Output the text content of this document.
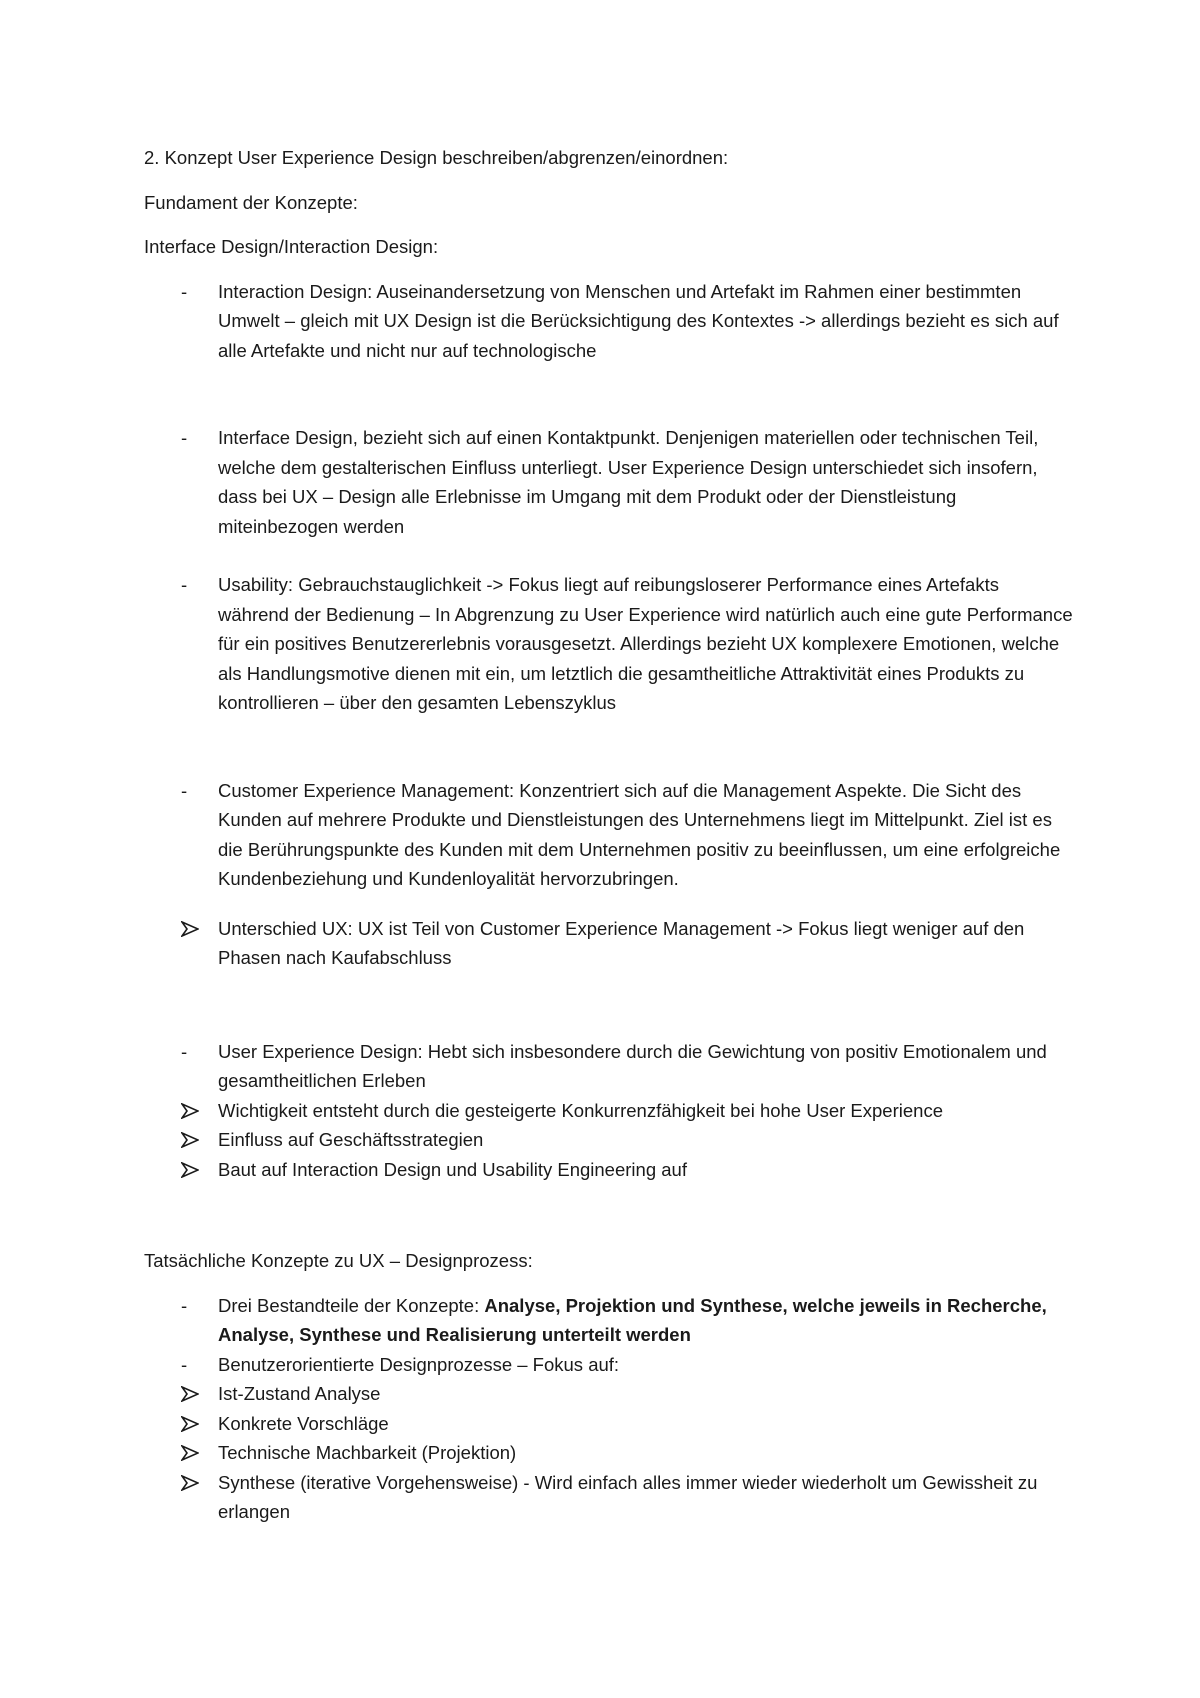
2. Konzept User Experience Design beschreiben/abgrenzen/einordnen:

Fundament der Konzepte:

Interface Design/Interaction Design:

-	Interaction Design: Auseinandersetzung von Menschen und Artefakt im Rahmen einer bestimmten Umwelt – gleich mit UX Design ist die Berücksichtigung des Kontextes -> allerdings bezieht es sich auf alle Artefakte und nicht nur auf technologische
-	Interface Design, bezieht sich auf einen Kontaktpunkt. Denjenigen materiellen oder technischen Teil, welche dem gestalterischen Einfluss unterliegt. User Experience Design unterschiedet sich insofern, dass bei UX – Design alle Erlebnisse im Umgang mit dem Produkt oder der Dienstleistung miteinbezogen werden
-	Usability: Gebrauchstauglichkeit -> Fokus liegt auf reibungsloserer Performance eines Artefakts während der Bedienung – In Abgrenzung zu User Experience wird natürlich auch eine gute Performance für ein positives Benutzererlebnis vorausgesetzt. Allerdings bezieht UX komplexere Emotionen, welche als Handlungsmotive dienen mit ein, um letztlich die gesamtheitliche Attraktivität eines Produkts zu kontrollieren – über den gesamten Lebenszyklus
-	Customer Experience Management: Konzentriert sich auf die Management Aspekte. Die Sicht des Kunden auf mehrere Produkte und Dienstleistungen des Unternehmens liegt im Mittelpunkt. Ziel ist es die Berührungspunkte des Kunden mit dem Unternehmen positiv zu beeinflussen, um eine erfolgreiche Kundenbeziehung und Kundenloyalität hervorzubringen.
Unterschied UX: UX ist Teil von Customer Experience Management -> Fokus liegt weniger auf den Phasen nach Kaufabschluss
-	User Experience Design: Hebt sich insbesondere durch die Gewichtung von positiv Emotionalem und gesamtheitlichen Erleben
Wichtigkeit entsteht durch die gesteigerte Konkurrenzfähigkeit bei hohe User Experience
Einfluss auf Geschäftsstrategien
Baut auf Interaction Design und Usability Engineering auf

Tatsächliche Konzepte zu UX – Designprozess:

-	Drei Bestandteile der Konzepte: Analyse, Projektion und Synthese, welche jeweils in Recherche, Analyse, Synthese und Realisierung unterteilt werden
-	Benutzerorientierte Designprozesse – Fokus auf:
Ist-Zustand Analyse
Konkrete Vorschläge
Technische Machbarkeit (Projektion)
Synthese (iterative Vorgehensweise) - Wird einfach alles immer wieder wiederholt um Gewissheit zu erlangen
